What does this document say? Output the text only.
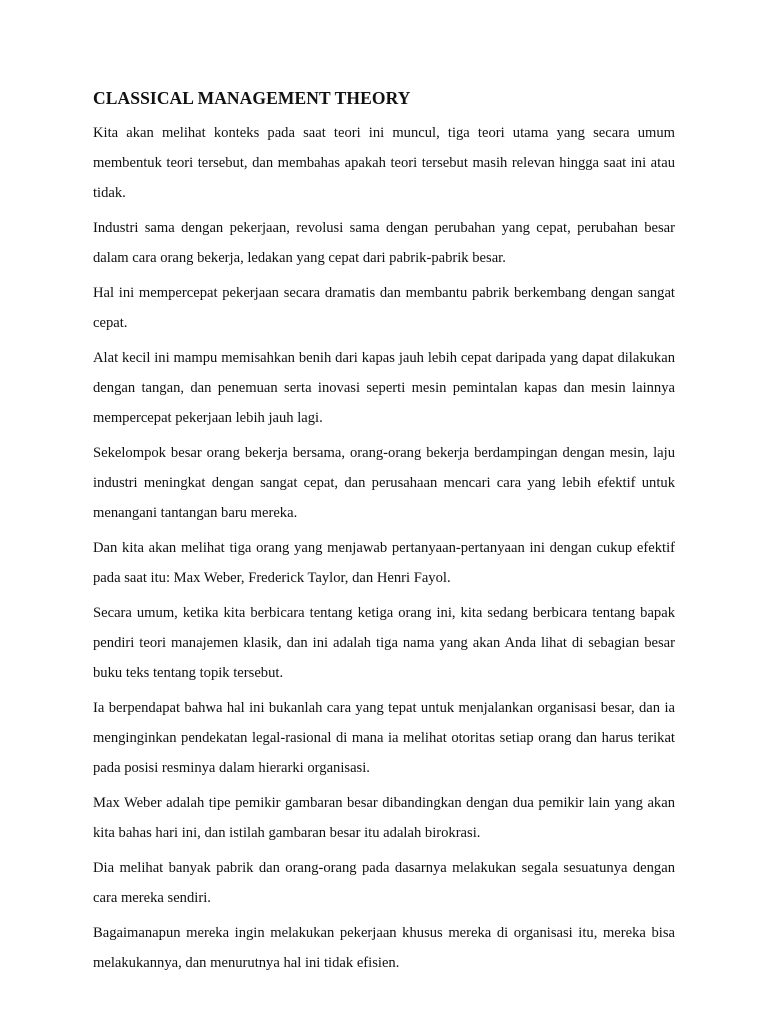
CLASSICAL MANAGEMENT THEORY

Kita akan melihat konteks pada saat teori ini muncul, tiga teori utama yang secara umum membentuk teori tersebut, dan membahas apakah teori tersebut masih relevan hingga saat ini atau tidak.

Industri sama dengan pekerjaan, revolusi sama dengan perubahan yang cepat, perubahan besar dalam cara orang bekerja, ledakan yang cepat dari pabrik-pabrik besar.

Hal ini mempercepat pekerjaan secara dramatis dan membantu pabrik berkembang dengan sangat cepat.

Alat kecil ini mampu memisahkan benih dari kapas jauh lebih cepat daripada yang dapat dilakukan dengan tangan, dan penemuan serta inovasi seperti mesin pemintalan kapas dan mesin lainnya mempercepat pekerjaan lebih jauh lagi.

Sekelompok besar orang bekerja bersama, orang-orang bekerja berdampingan dengan mesin, laju industri meningkat dengan sangat cepat, dan perusahaan mencari cara yang lebih efektif untuk menangani tantangan baru mereka.

Dan kita akan melihat tiga orang yang menjawab pertanyaan-pertanyaan ini dengan cukup efektif pada saat itu: Max Weber, Frederick Taylor, dan Henri Fayol.

Secara umum, ketika kita berbicara tentang ketiga orang ini, kita sedang berbicara tentang bapak pendiri teori manajemen klasik, dan ini adalah tiga nama yang akan Anda lihat di sebagian besar buku teks tentang topik tersebut.

Ia berpendapat bahwa hal ini bukanlah cara yang tepat untuk menjalankan organisasi besar, dan ia menginginkan pendekatan legal-rasional di mana ia melihat otoritas setiap orang dan harus terikat pada posisi resminya dalam hierarki organisasi.

Max Weber adalah tipe pemikir gambaran besar dibandingkan dengan dua pemikir lain yang akan kita bahas hari ini, dan istilah gambaran besar itu adalah birokrasi.

Dia melihat banyak pabrik dan orang-orang pada dasarnya melakukan segala sesuatunya dengan cara mereka sendiri.

Bagaimanapun mereka ingin melakukan pekerjaan khusus mereka di organisasi itu, mereka bisa melakukannya, dan menurutnya hal ini tidak efisien.
